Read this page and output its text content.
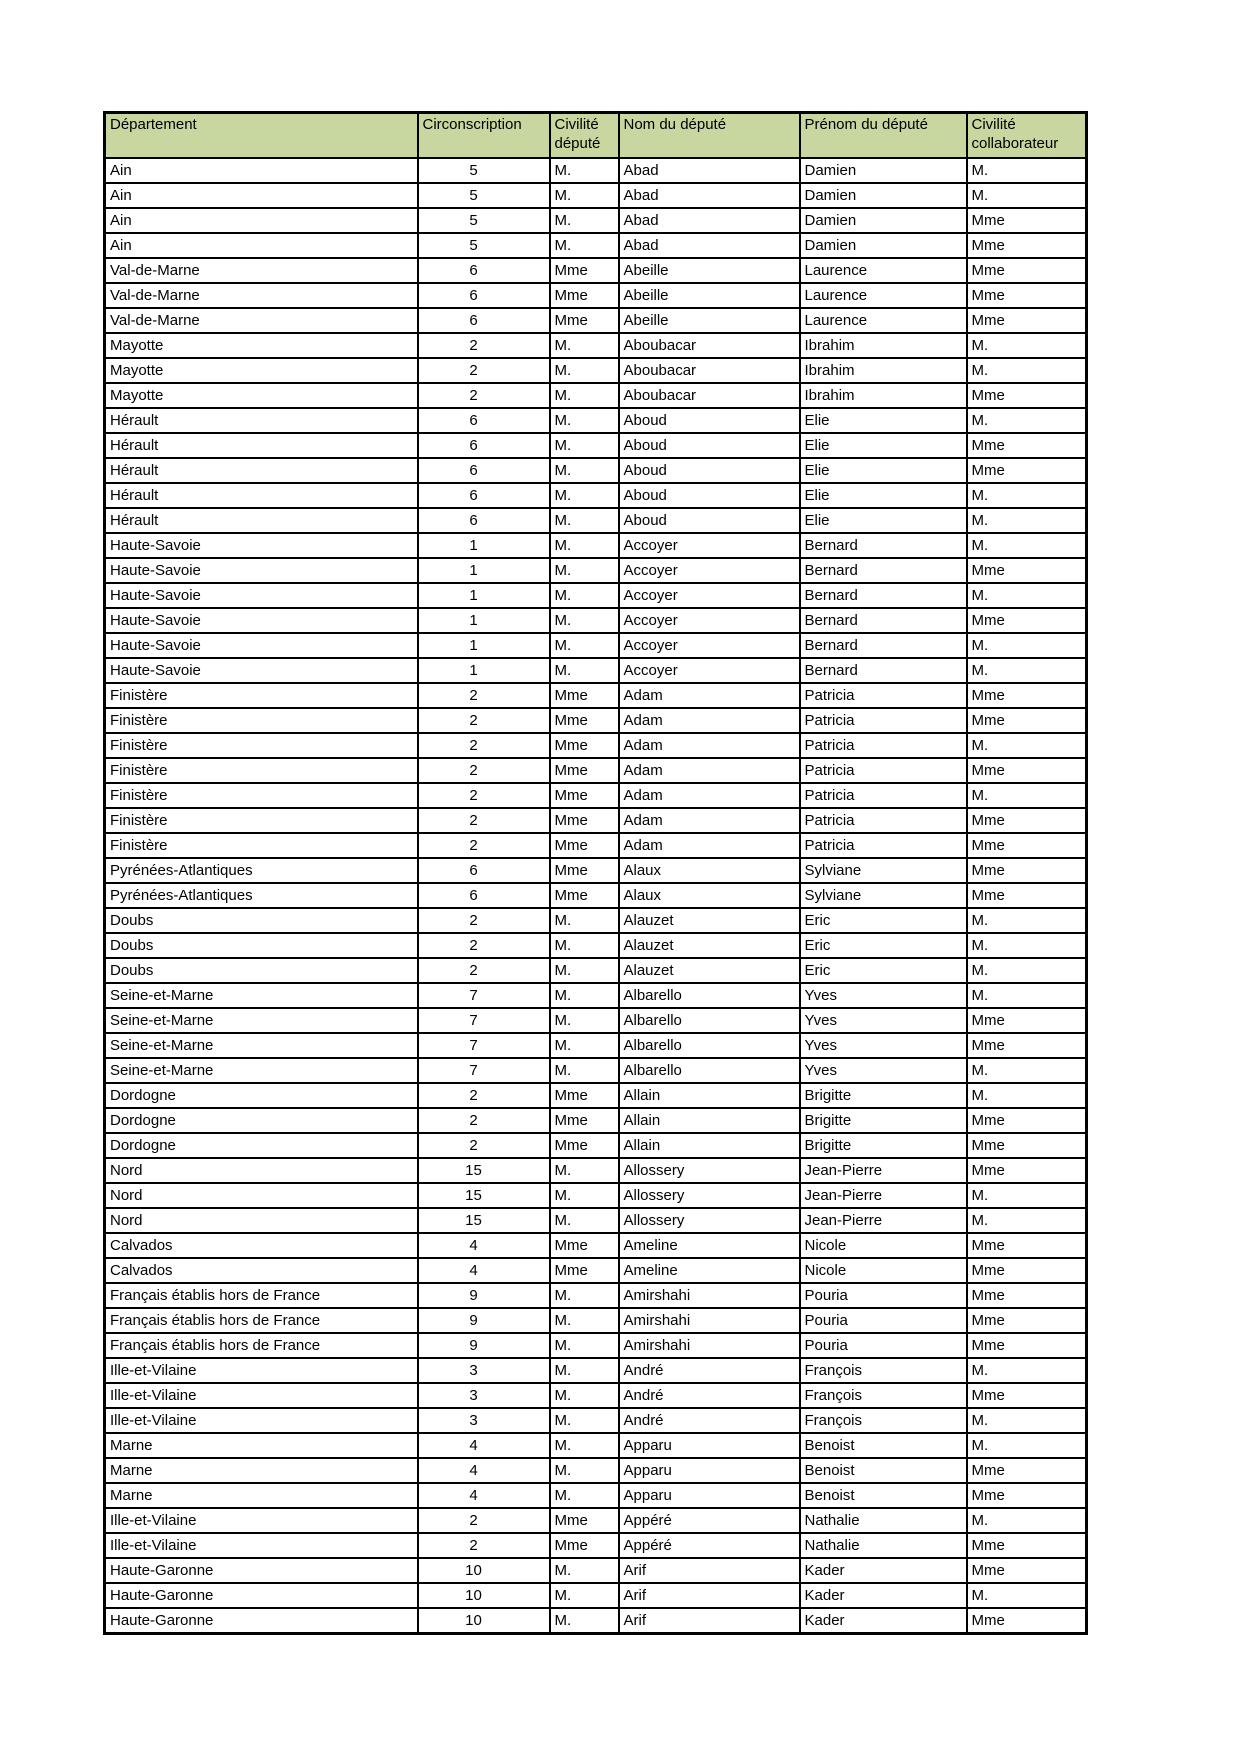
Département	Circonscription	Civilité député	Nom du député	Prénom du député	Civilité collaborateur
Ain	5	M.	Abad	Damien	M.
Ain	5	M.	Abad	Damien	M.
Ain	5	M.	Abad	Damien	Mme
Ain	5	M.	Abad	Damien	Mme
Val-de-Marne	6	Mme	Abeille	Laurence	Mme
Val-de-Marne	6	Mme	Abeille	Laurence	Mme
Val-de-Marne	6	Mme	Abeille	Laurence	Mme
Mayotte	2	M.	Aboubacar	Ibrahim	M.
Mayotte	2	M.	Aboubacar	Ibrahim	M.
Mayotte	2	M.	Aboubacar	Ibrahim	Mme
Hérault	6	M.	Aboud	Elie	M.
Hérault	6	M.	Aboud	Elie	Mme
Hérault	6	M.	Aboud	Elie	Mme
Hérault	6	M.	Aboud	Elie	M.
Hérault	6	M.	Aboud	Elie	M.
Haute-Savoie	1	M.	Accoyer	Bernard	M.
Haute-Savoie	1	M.	Accoyer	Bernard	Mme
Haute-Savoie	1	M.	Accoyer	Bernard	M.
Haute-Savoie	1	M.	Accoyer	Bernard	Mme
Haute-Savoie	1	M.	Accoyer	Bernard	M.
Haute-Savoie	1	M.	Accoyer	Bernard	M.
Finistère	2	Mme	Adam	Patricia	Mme
Finistère	2	Mme	Adam	Patricia	Mme
Finistère	2	Mme	Adam	Patricia	M.
Finistère	2	Mme	Adam	Patricia	Mme
Finistère	2	Mme	Adam	Patricia	M.
Finistère	2	Mme	Adam	Patricia	Mme
Finistère	2	Mme	Adam	Patricia	Mme
Pyrénées-Atlantiques	6	Mme	Alaux	Sylviane	Mme
Pyrénées-Atlantiques	6	Mme	Alaux	Sylviane	Mme
Doubs	2	M.	Alauzet	Eric	M.
Doubs	2	M.	Alauzet	Eric	M.
Doubs	2	M.	Alauzet	Eric	M.
Seine-et-Marne	7	M.	Albarello	Yves	M.
Seine-et-Marne	7	M.	Albarello	Yves	Mme
Seine-et-Marne	7	M.	Albarello	Yves	Mme
Seine-et-Marne	7	M.	Albarello	Yves	M.
Dordogne	2	Mme	Allain	Brigitte	M.
Dordogne	2	Mme	Allain	Brigitte	Mme
Dordogne	2	Mme	Allain	Brigitte	Mme
Nord	15	M.	Allossery	Jean-Pierre	Mme
Nord	15	M.	Allossery	Jean-Pierre	M.
Nord	15	M.	Allossery	Jean-Pierre	M.
Calvados	4	Mme	Ameline	Nicole	Mme
Calvados	4	Mme	Ameline	Nicole	Mme
Français établis hors de France	9	M.	Amirshahi	Pouria	Mme
Français établis hors de France	9	M.	Amirshahi	Pouria	Mme
Français établis hors de France	9	M.	Amirshahi	Pouria	Mme
Ille-et-Vilaine	3	M.	André	François	M.
Ille-et-Vilaine	3	M.	André	François	Mme
Ille-et-Vilaine	3	M.	André	François	M.
Marne	4	M.	Apparu	Benoist	M.
Marne	4	M.	Apparu	Benoist	Mme
Marne	4	M.	Apparu	Benoist	Mme
Ille-et-Vilaine	2	Mme	Appéré	Nathalie	M.
Ille-et-Vilaine	2	Mme	Appéré	Nathalie	Mme
Haute-Garonne	10	M.	Arif	Kader	Mme
Haute-Garonne	10	M.	Arif	Kader	M.
Haute-Garonne	10	M.	Arif	Kader	Mme
